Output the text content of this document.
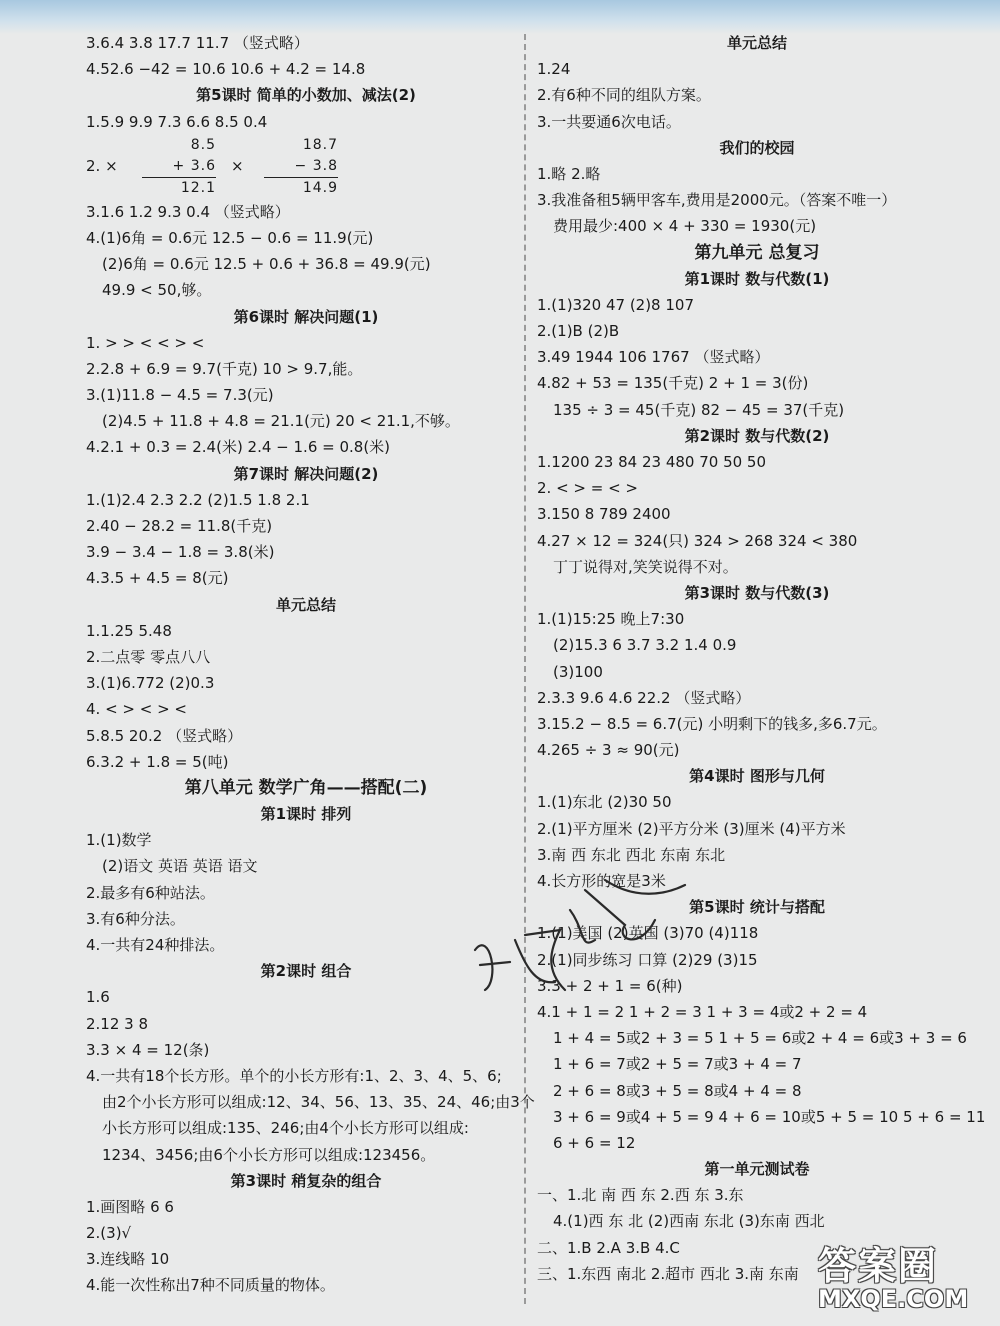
3.6.4 3.8 17.7 11.7 （竖式略）
4.52.6 −42 = 10.6 10.6 + 4.2 = 14.8
第5课时 简单的小数加、减法(2)
1.5.9 9.9 7.3 6.6 8.5 0.4
2. ×
8.5
+ 3.6
12.1
×
18.7
− 3.8
14.9
3.1.6 1.2 9.3 0.4 （竖式略）
4.(1)6角 = 0.6元 12.5 − 0.6 = 11.9(元)
(2)6角 = 0.6元 12.5 + 0.6 + 36.8 = 49.9(元)
49.9 < 50,够。
第6课时 解决问题(1)
1. > > < < > <
2.2.8 + 6.9 = 9.7(千克) 10 > 9.7,能。
3.(1)11.8 − 4.5 = 7.3(元)
(2)4.5 + 11.8 + 4.8 = 21.1(元) 20 < 21.1,不够。
4.2.1 + 0.3 = 2.4(米) 2.4 − 1.6 = 0.8(米)
第7课时 解决问题(2)
1.(1)2.4 2.3 2.2 (2)1.5 1.8 2.1
2.40 − 28.2 = 11.8(千克)
3.9 − 3.4 − 1.8 = 3.8(米)
4.3.5 + 4.5 = 8(元)
单元总结
1.1.25 5.48
2.二点零 零点八八
3.(1)6.772 (2)0.3
4. < > < > <
5.8.5 20.2 （竖式略）
6.3.2 + 1.8 = 5(吨)
第八单元 数学广角——搭配(二)
第1课时 排列
1.(1)数学
(2)语文 英语 英语 语文
2.最多有6种站法。
3.有6种分法。
4.一共有24种排法。
第2课时 组合
1.6
2.12 3 8
3.3 × 4 = 12(条)
4.一共有18个长方形。单个的小长方形有:1、2、3、4、5、6;
由2个小长方形可以组成:12、34、56、13、35、24、46;由3个
小长方形可以组成:135、246;由4个小长方形可以组成:
1234、3456;由6个小长方形可以组成:123456。
第3课时 稍复杂的组合
1.画图略 6 6
2.(3)√
3.连线略 10
4.能一次性称出7种不同质量的物体。
单元总结
1.24
2.有6种不同的组队方案。
3.一共要通6次电话。
我们的校园
1.略 2.略
3.我准备租5辆甲客车,费用是2000元。（答案不唯一）
费用最少:400 × 4 + 330 = 1930(元)
第九单元 总复习
第1课时 数与代数(1)
1.(1)320 47 (2)8 107
2.(1)B (2)B
3.49 1944 106 1767 （竖式略）
4.82 + 53 = 135(千克) 2 + 1 = 3(份)
135 ÷ 3 = 45(千克) 82 − 45 = 37(千克)
第2课时 数与代数(2)
1.1200 23 84 23 480 70 50 50
2. < > = < >
3.150 8 789 2400
4.27 × 12 = 324(只) 324 > 268 324 < 380
丁丁说得对,笑笑说得不对。
第3课时 数与代数(3)
1.(1)15:25 晚上7:30
(2)15.3 6 3.7 3.2 1.4 0.9
(3)100
2.3.3 9.6 4.6 22.2 （竖式略）
3.15.2 − 8.5 = 6.7(元) 小明剩下的钱多,多6.7元。
4.265 ÷ 3 ≈ 90(元)
第4课时 图形与几何
1.(1)东北 (2)30 50
2.(1)平方厘米 (2)平方分米 (3)厘米 (4)平方米
3.南 西 东北 西北 东南 东北
4.长方形的宽是3米
第5课时 统计与搭配
1.(1)美国 (2)英国 (3)70 (4)118
2.(1)同步练习 口算 (2)29 (3)15
3.3 + 2 + 1 = 6(种)
4.1 + 1 = 2 1 + 2 = 3 1 + 3 = 4或2 + 2 = 4
1 + 4 = 5或2 + 3 = 5 1 + 5 = 6或2 + 4 = 6或3 + 3 = 6
1 + 6 = 7或2 + 5 = 7或3 + 4 = 7
2 + 6 = 8或3 + 5 = 8或4 + 4 = 8
3 + 6 = 9或4 + 5 = 9 4 + 6 = 10或5 + 5 = 10 5 + 6 = 11
6 + 6 = 12
第一单元测试卷
一、1.北 南 西 东 2.西 东 3.东
4.(1)西 东 北 (2)西南 东北 (3)东南 西北
二、1.B 2.A 3.B 4.C
三、1.东西 南北 2.超市 西北 3.南 东南 答案圈
MXQE.COM
